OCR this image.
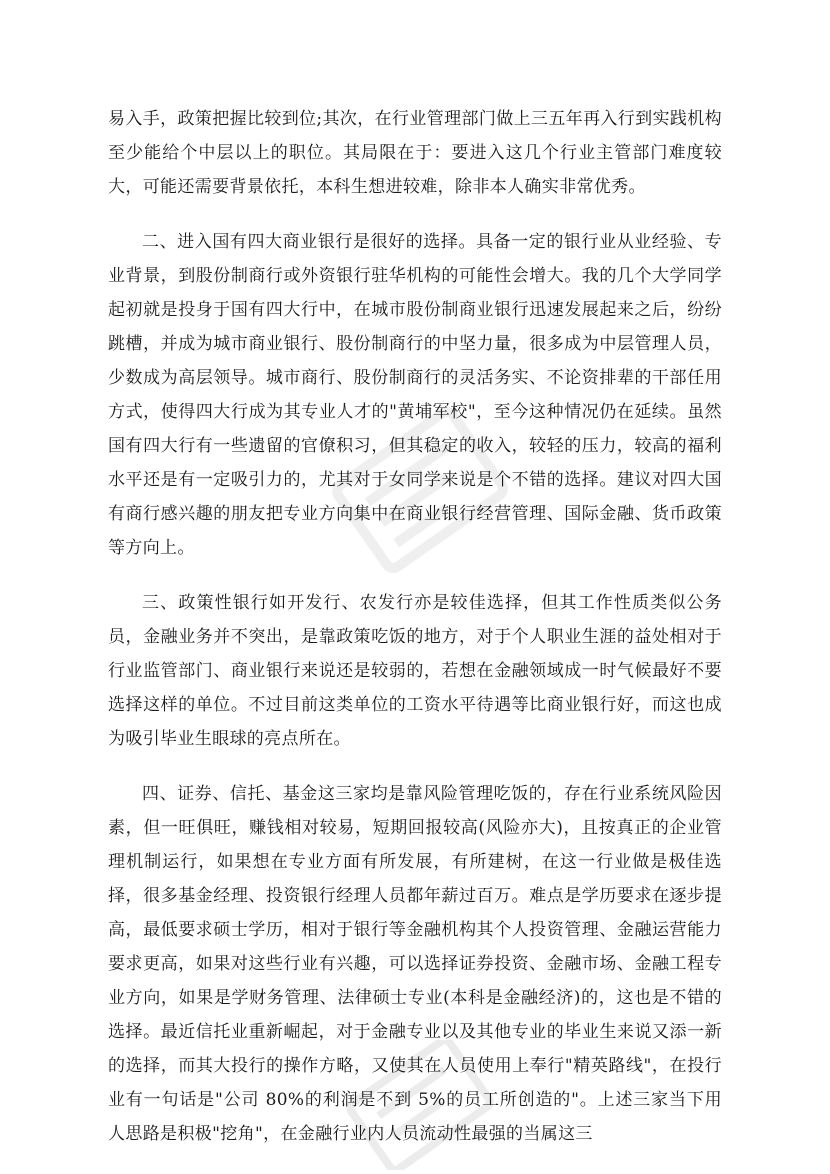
易入手，政策把握比较到位;其次，在行业管理部门做上三五年再入行到实践机构至少能给个中层以上的职位。其局限在于：要进入这几个行业主管部门难度较大，可能还需要背景依托，本科生想进较难，除非本人确实非常优秀。

二、进入国有四大商业银行是很好的选择。具备一定的银行业从业经验、专业背景，到股份制商行或外资银行驻华机构的可能性会增大。我的几个大学同学起初就是投身于国有四大行中，在城市股份制商业银行迅速发展起来之后，纷纷跳槽，并成为城市商业银行、股份制商行的中坚力量，很多成为中层管理人员，少数成为高层领导。城市商行、股份制商行的灵活务实、不论资排辈的干部任用方式，使得四大行成为其专业人才的"黄埔军校"，至今这种情况仍在延续。虽然国有四大行有一些遗留的官僚积习，但其稳定的收入，较轻的压力，较高的福利水平还是有一定吸引力的，尤其对于女同学来说是个不错的选择。建议对四大国有商行感兴趣的朋友把专业方向集中在商业银行经营管理、国际金融、货币政策等方向上。

三、政策性银行如开发行、农发行亦是较佳选择，但其工作性质类似公务员，金融业务并不突出，是靠政策吃饭的地方，对于个人职业生涯的益处相对于行业监管部门、商业银行来说还是较弱的，若想在金融领域成一时气候最好不要选择这样的单位。不过目前这类单位的工资水平待遇等比商业银行好，而这也成为吸引毕业生眼球的亮点所在。

四、证券、信托、基金这三家均是靠风险管理吃饭的，存在行业系统风险因素，但一旺俱旺，赚钱相对较易，短期回报较高(风险亦大)，且按真正的企业管理机制运行，如果想在专业方面有所发展，有所建树，在这一行业做是极佳选择，很多基金经理、投资银行经理人员都年薪过百万。难点是学历要求在逐步提高，最低要求硕士学历，相对于银行等金融机构其个人投资管理、金融运营能力要求更高，如果对这些行业有兴趣，可以选择证券投资、金融市场、金融工程专业方向，如果是学财务管理、法律硕士专业(本科是金融经济)的，这也是不错的选择。最近信托业重新崛起，对于金融专业以及其他专业的毕业生来说又添一新的选择，而其大投行的操作方略，又使其在人员使用上奉行"精英路线"，在投行业有一句话是"公司 80%的利润是不到 5%的员工所创造的"。上述三家当下用人思路是积极"挖角"，在金融行业内人员流动性最强的当属这三
